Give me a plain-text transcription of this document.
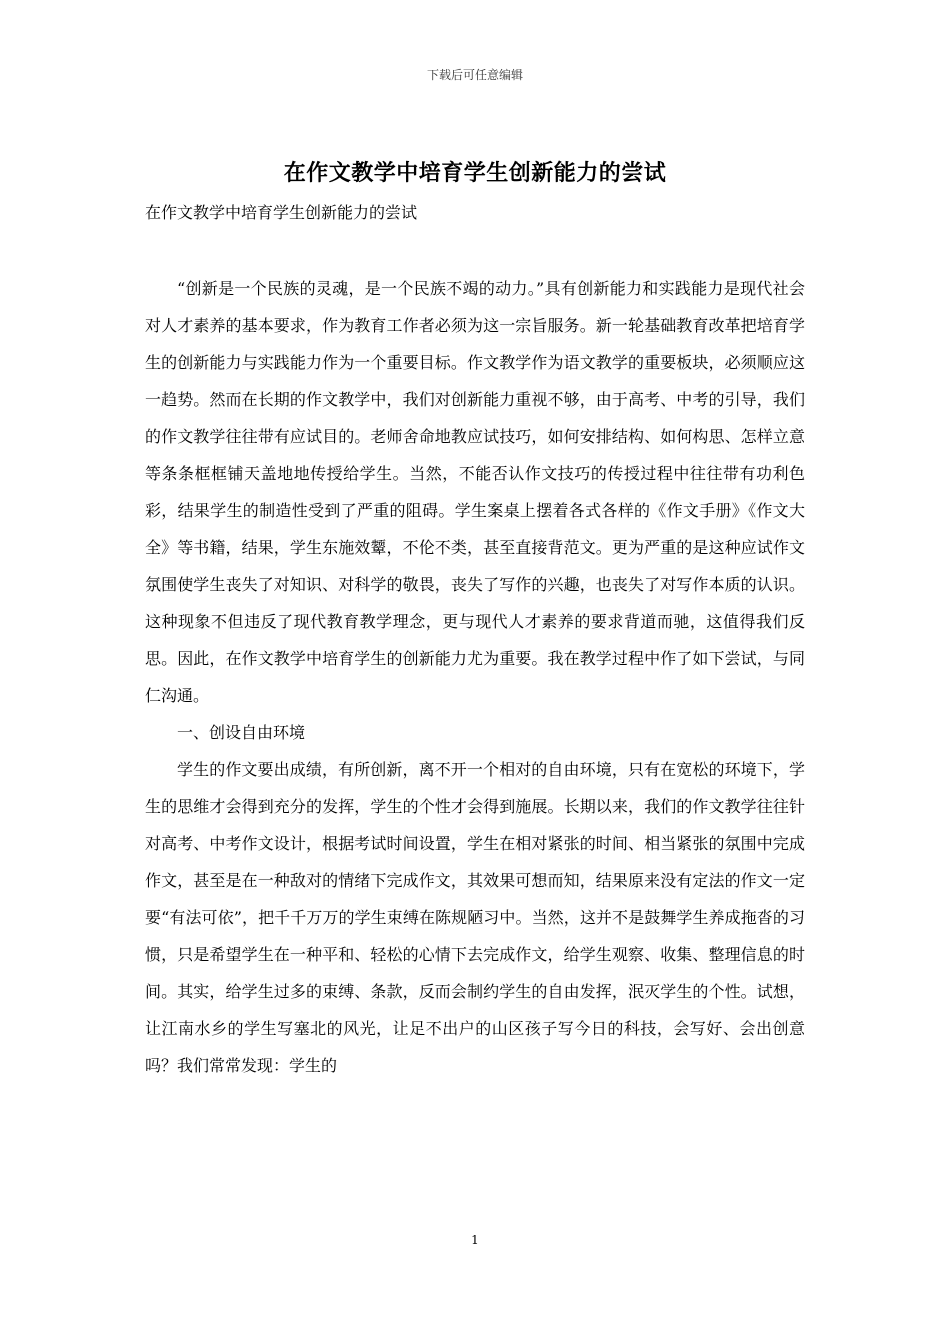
下载后可任意编辑
在作文教学中培育学生创新能力的尝试

在作文教学中培育学生创新能力的尝试

“创新是一个民族的灵魂，是一个民族不竭的动力。”具有创新能力和实践能力是现代社会对人才素养的基本要求，作为教育工作者必须为这一宗旨服务。新一轮基础教育改革把培育学生的创新能力与实践能力作为一个重要目标。作文教学作为语文教学的重要板块，必须顺应这一趋势。然而在长期的作文教学中，我们对创新能力重视不够，由于高考、中考的引导，我们的作文教学往往带有应试目的。老师舍命地教应试技巧，如何安排结构、如何构思、怎样立意等条条框框铺天盖地地传授给学生。当然，不能否认作文技巧的传授过程中往往带有功利色彩，结果学生的制造性受到了严重的阻碍。学生案桌上摆着各式各样的《作文手册》《作文大全》等书籍，结果，学生东施效颦，不伦不类，甚至直接背范文。更为严重的是这种应试作文氛围使学生丧失了对知识、对科学的敬畏，丧失了写作的兴趣，也丧失了对写作本质的认识。这种现象不但违反了现代教育教学理念，更与现代人才素养的要求背道而驰，这值得我们反思。因此，在作文教学中培育学生的创新能力尤为重要。我在教学过程中作了如下尝试，与同仁沟通。

一、创设自由环境

学生的作文要出成绩，有所创新，离不开一个相对的自由环境，只有在宽松的环境下，学生的思维才会得到充分的发挥，学生的个性才会得到施展。长期以来，我们的作文教学往往针对高考、中考作文设计，根据考试时间设置，学生在相对紧张的时间、相当紧张的氛围中完成作文，甚至是在一种敌对的情绪下完成作文，其效果可想而知，结果原来没有定法的作文一定要“有法可依”，把千千万万的学生束缚在陈规陋习中。当然，这并不是鼓舞学生养成拖沓的习惯，只是希望学生在一种平和、轻松的心情下去完成作文，给学生观察、收集、整理信息的时间。其实，给学生过多的束缚、条款，反而会制约学生的自由发挥，泯灭学生的个性。试想，让江南水乡的学生写塞北的风光，让足不出户的山区孩子写今日的科技，会写好、会出创意吗？我们常常发现：学生的

1
